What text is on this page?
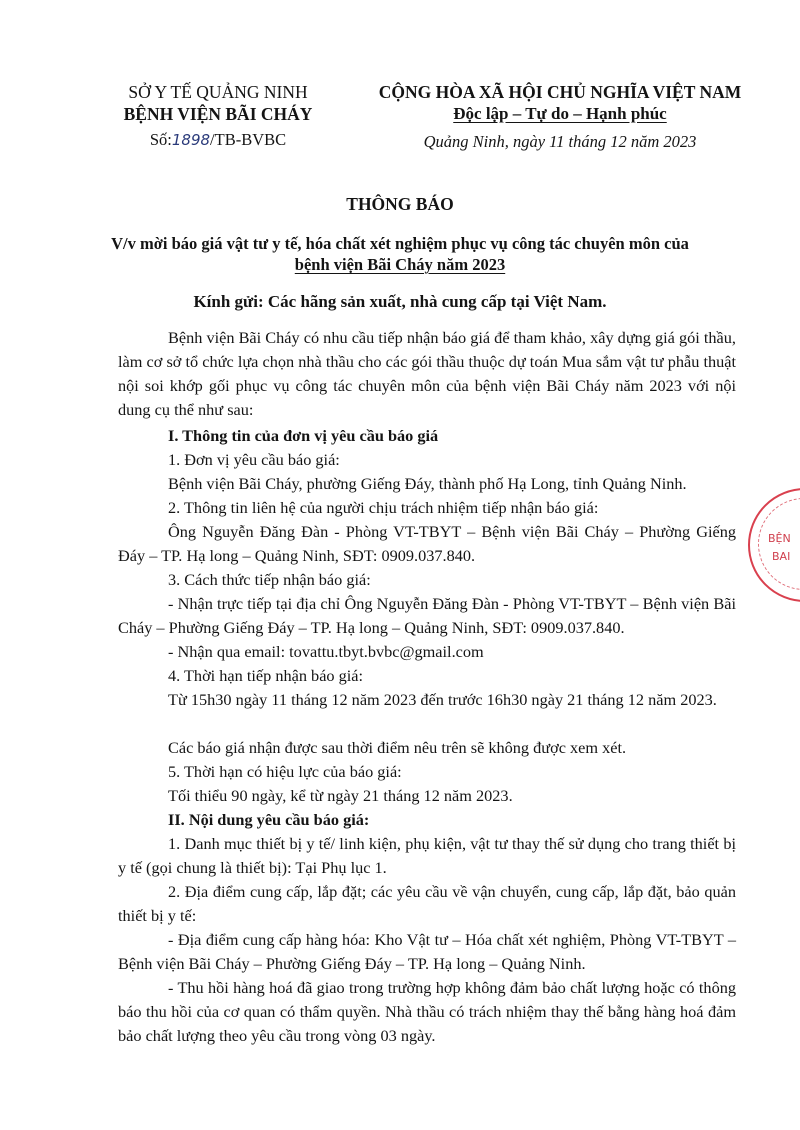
SỞ Y TẾ QUẢNG NINH
BỆNH VIỆN BÃI CHÁY
Số:1898/TB-BVBC
CỘNG HÒA XÃ HỘI CHỦ NGHĨA VIỆT NAM
Độc lập – Tự do – Hạnh phúc
Quảng Ninh, ngày 11 tháng 12 năm 2023
THÔNG BÁO
V/v mời báo giá vật tư y tế, hóa chất xét nghiệm phục vụ công tác chuyên môn của
bệnh viện Bãi Cháy năm 2023
Kính gửi: Các hãng sản xuất, nhà cung cấp tại Việt Nam.
Bệnh viện Bãi Cháy có nhu cầu tiếp nhận báo giá để tham khảo, xây dựng giá gói thầu, làm cơ sở tổ chức lựa chọn nhà thầu cho các gói thầu thuộc dự toán Mua sắm vật tư phẫu thuật nội soi khớp gối phục vụ công tác chuyên môn của bệnh viện Bãi Cháy năm 2023 với nội dung cụ thể như sau:
I. Thông tin của đơn vị yêu cầu báo giá
1. Đơn vị yêu cầu báo giá:
Bệnh viện Bãi Cháy, phường Giếng Đáy, thành phố Hạ Long, tỉnh Quảng Ninh.
2. Thông tin liên hệ của người chịu trách nhiệm tiếp nhận báo giá:
Ông Nguyễn Đăng Đàn - Phòng VT-TBYT – Bệnh viện Bãi Cháy – Phường Giếng Đáy – TP. Hạ long – Quảng Ninh, SĐT: 0909.037.840.
3. Cách thức tiếp nhận báo giá:
- Nhận trực tiếp tại địa chỉ Ông Nguyễn Đăng Đàn - Phòng VT-TBYT – Bệnh viện Bãi Cháy – Phường Giếng Đáy – TP. Hạ long – Quảng Ninh, SĐT: 0909.037.840.
- Nhận qua email: tovattu.tbyt.bvbc@gmail.com
4. Thời hạn tiếp nhận báo giá:
Từ 15h30 ngày 11 tháng 12 năm 2023 đến trước 16h30 ngày 21 tháng 12 năm 2023.
Các báo giá nhận được sau thời điểm nêu trên sẽ không được xem xét.
5. Thời hạn có hiệu lực của báo giá:
Tối thiểu 90 ngày, kể từ ngày 21 tháng 12 năm 2023.
II. Nội dung yêu cầu báo giá:
1. Danh mục thiết bị y tế/ linh kiện, phụ kiện, vật tư thay thế sử dụng cho trang thiết bị y tế (gọi chung là thiết bị): Tại Phụ lục 1.
2. Địa điểm cung cấp, lắp đặt; các yêu cầu về vận chuyển, cung cấp, lắp đặt, bảo quản thiết bị y tế:
- Địa điểm cung cấp hàng hóa: Kho Vật tư – Hóa chất xét nghiệm, Phòng VT-TBYT – Bệnh viện Bãi Cháy – Phường Giếng Đáy – TP. Hạ long – Quảng Ninh.
- Thu hồi hàng hoá đã giao trong trường hợp không đảm bảo chất lượng hoặc có thông báo thu hồi của cơ quan có thẩm quyền. Nhà thầu có trách nhiệm thay thế bằng hàng hoá đảm bảo chất lượng theo yêu cầu trong vòng 03 ngày.
BỆN
BAI
